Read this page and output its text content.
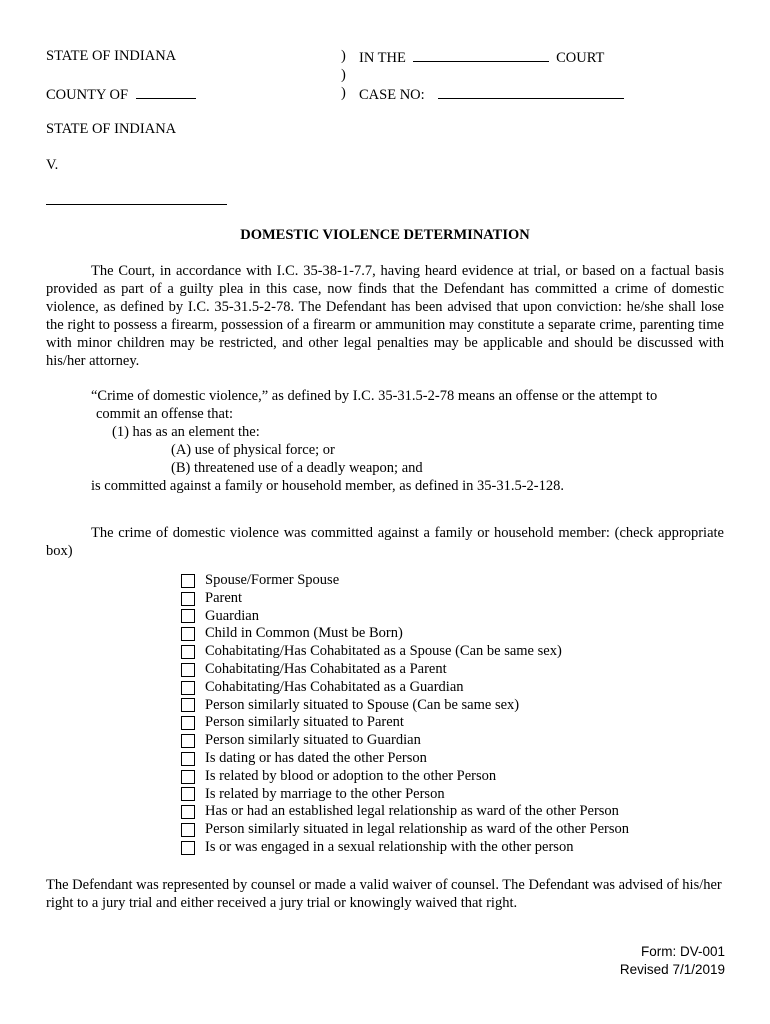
STATE OF INDIANA
COUNTY OF
)
)
)
IN THE	COURT
CASE NO:
STATE OF INDIANA
V.
DOMESTIC VIOLENCE DETERMINATION

The Court, in accordance with I.C. 35-38-1-7.7, having heard evidence at trial, or based on a factual basis provided as part of a guilty plea in this case, now finds that the Defendant has committed a crime of domestic violence, as defined by I.C. 35-31.5-2-78. The Defendant has been advised that upon conviction: he/she shall lose the right to possess a firearm, possession of a firearm or ammunition may constitute a separate crime, parenting time with minor children may be restricted, and other legal penalties may be applicable and should be discussed with his/her attorney.

“Crime of domestic violence,” as defined by I.C. 35-31.5-2-78 means an offense or the attempt to
commit an offense that:
(1) has as an element the:
(A) use of physical force; or
(B) threatened use of a deadly weapon; and
is committed against a family or household member, as defined in 35-31.5-2-128.

The crime of domestic violence was committed against a family or household member: (check appropriate box)

Spouse/Former Spouse
Parent
Guardian
Child in Common (Must be Born)
Cohabitating/Has Cohabitated as a Spouse (Can be same sex)
Cohabitating/Has Cohabitated as a Parent
Cohabitating/Has Cohabitated as a Guardian
Person similarly situated to Spouse (Can be same sex)
Person similarly situated to Parent
Person similarly situated to Guardian
Is dating or has dated the other Person
Is related by blood or adoption to the other Person
Is related by marriage to the other Person
Has or had an established legal relationship as ward of the other Person
Person similarly situated in legal relationship as ward of the other Person
Is or was engaged in a sexual relationship with the other person

The Defendant was represented by counsel or made a valid waiver of counsel. The Defendant was advised of his/her right to a jury trial and either received a jury trial or knowingly waived that right.

Form: DV-001
Revised 7/1/2019
